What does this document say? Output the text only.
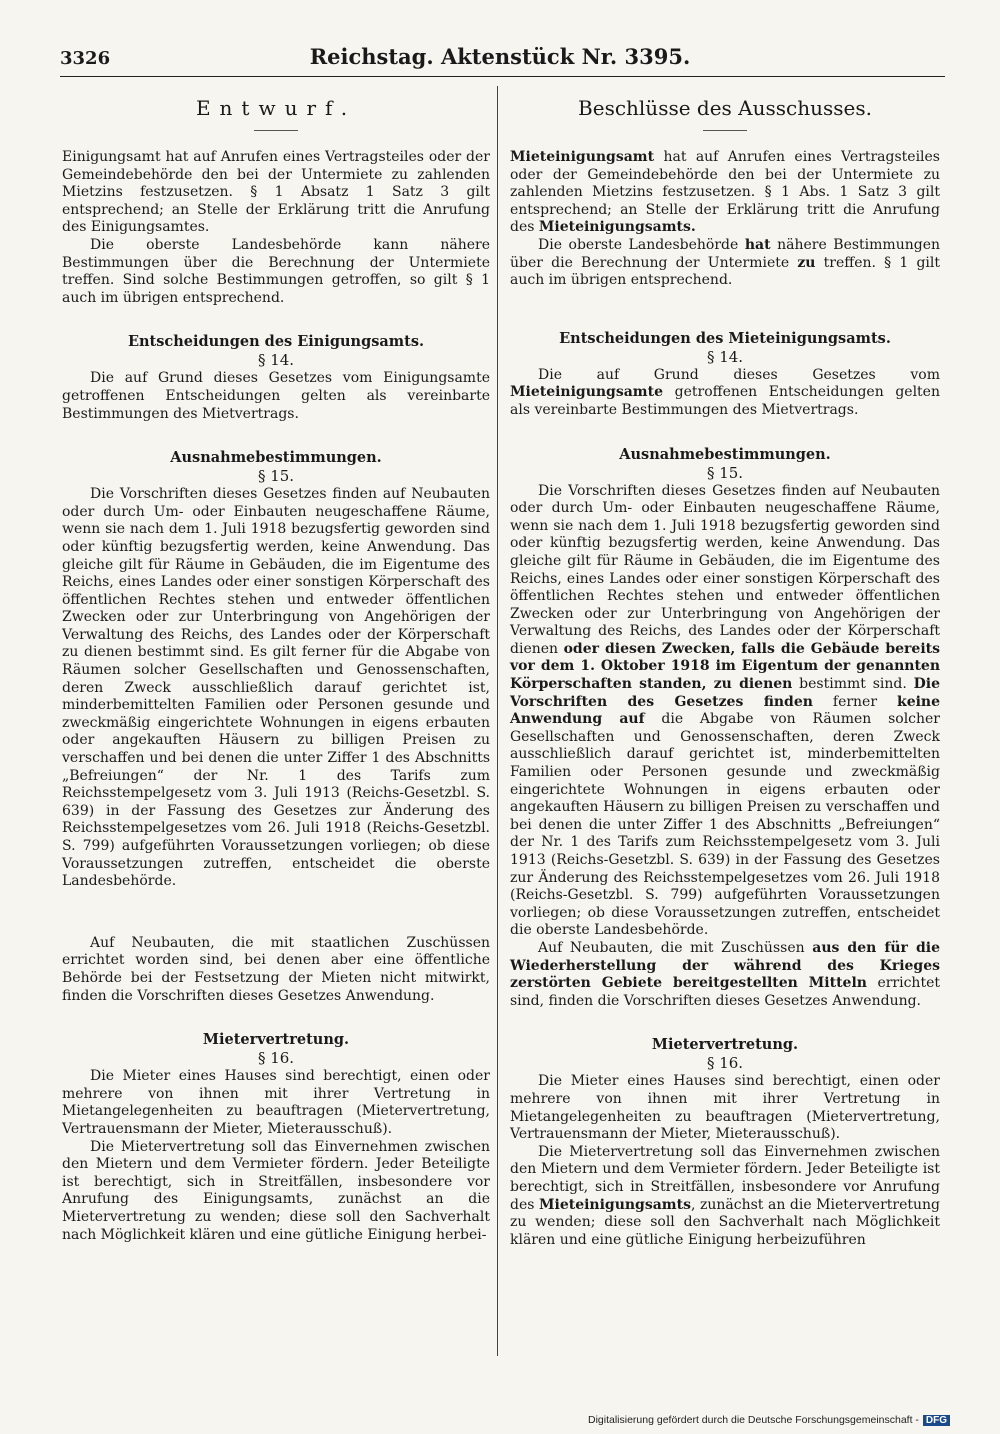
3326	Reichstag. Aktenstück Nr. 3395.
Entwurf.

Einigungsamt hat auf Anrufen eines Vertragsteiles oder der Gemeindebehörde den bei der Untermiete zu zahlenden Mietzins festzusetzen. § 1 Absatz 1 Satz 3 gilt entsprechend; an Stelle der Erklärung tritt die Anrufung des Einigungsamtes.

Die oberste Landesbehörde kann nähere Bestimmungen über die Berechnung der Untermiete treffen. Sind solche Bestimmungen getroffen, so gilt § 1 auch im übrigen entsprechend.

Entscheidungen des Einigungsamts.

§ 14.

Die auf Grund dieses Gesetzes vom Einigungsamte getroffenen Entscheidungen gelten als vereinbarte Bestimmungen des Mietvertrags.

Ausnahmebestimmungen.

§ 15.

Die Vorschriften dieses Gesetzes finden auf Neubauten oder durch Um- oder Einbauten neugeschaffene Räume, wenn sie nach dem 1. Juli 1918 bezugsfertig geworden sind oder künftig bezugsfertig werden, keine Anwendung. Das gleiche gilt für Räume in Gebäuden, die im Eigentume des Reichs, eines Landes oder einer sonstigen Körperschaft des öffentlichen Rechtes stehen und entweder öffentlichen Zwecken oder zur Unterbringung von Angehörigen der Verwaltung des Reichs, des Landes oder der Körperschaft zu dienen bestimmt sind. Es gilt ferner für die Abgabe von Räumen solcher Gesellschaften und Genossenschaften, deren Zweck ausschließlich darauf gerichtet ist, minderbemittelten Familien oder Personen gesunde und zweckmäßig eingerichtete Wohnungen in eigens erbauten oder angekauften Häusern zu billigen Preisen zu verschaffen und bei denen die unter Ziffer 1 des Abschnitts „Befreiungen“ der Nr. 1 des Tarifs zum Reichsstempelgesetz vom 3. Juli 1913 (Reichs-Gesetzbl. S. 639) in der Fassung des Gesetzes zur Änderung des Reichsstempelgesetzes vom 26. Juli 1918 (Reichs-Gesetzbl. S. 799) aufgeführten Voraussetzungen vorliegen; ob diese Voraussetzungen zutreffen, entscheidet die oberste Landesbehörde.

Auf Neubauten, die mit staatlichen Zuschüssen errichtet worden sind, bei denen aber eine öffentliche Behörde bei der Festsetzung der Mieten nicht mitwirkt, finden die Vorschriften dieses Gesetzes Anwendung.

Mietervertretung.

§ 16.

Die Mieter eines Hauses sind berechtigt, einen oder mehrere von ihnen mit ihrer Vertretung in Mietangelegenheiten zu beauftragen (Mietervertretung, Vertrauensmann der Mieter, Mieterausschuß).

Die Mietervertretung soll das Einvernehmen zwischen den Mietern und dem Vermieter fördern. Jeder Beteiligte ist berechtigt, sich in Streitfällen, insbesondere vor Anrufung des Einigungsamts, zunächst an die Mietervertretung zu wenden; diese soll den Sachverhalt nach Möglichkeit klären und eine gütliche Einigung herbei-

Beschlüsse des Ausschusses.

Mieteinigungsamt hat auf Anrufen eines Vertragsteiles oder der Gemeindebehörde den bei der Untermiete zu zahlenden Mietzins festzusetzen. § 1 Abs. 1 Satz 3 gilt entsprechend; an Stelle der Erklärung tritt die Anrufung des Mieteinigungsamts.

Die oberste Landesbehörde hat nähere Bestimmungen über die Berechnung der Untermiete zu treffen. § 1 gilt auch im übrigen entsprechend.

Entscheidungen des Mieteinigungsamts.

§ 14.

Die auf Grund dieses Gesetzes vom Mieteinigungsamte getroffenen Entscheidungen gelten als vereinbarte Bestimmungen des Mietvertrags.

Ausnahmebestimmungen.

§ 15.

Die Vorschriften dieses Gesetzes finden auf Neubauten oder durch Um- oder Einbauten neugeschaffene Räume, wenn sie nach dem 1. Juli 1918 bezugsfertig geworden sind oder künftig bezugsfertig werden, keine Anwendung. Das gleiche gilt für Räume in Gebäuden, die im Eigentume des Reichs, eines Landes oder einer sonstigen Körperschaft des öffentlichen Rechtes stehen und entweder öffentlichen Zwecken oder zur Unterbringung von Angehörigen der Verwaltung des Reichs, des Landes oder der Körperschaft dienen oder diesen Zwecken, falls die Gebäude bereits vor dem 1. Oktober 1918 im Eigentum der genannten Körperschaften standen, zu dienen bestimmt sind. Die Vorschriften des Gesetzes finden ferner keine Anwendung auf die Abgabe von Räumen solcher Gesellschaften und Genossenschaften, deren Zweck ausschließlich darauf gerichtet ist, minderbemittelten Familien oder Personen gesunde und zweckmäßig eingerichtete Wohnungen in eigens erbauten oder angekauften Häusern zu billigen Preisen zu verschaffen und bei denen die unter Ziffer 1 des Abschnitts „Befreiungen“ der Nr. 1 des Tarifs zum Reichsstempelgesetz vom 3. Juli 1913 (Reichs-Gesetzbl. S. 639) in der Fassung des Gesetzes zur Änderung des Reichsstempelgesetzes vom 26. Juli 1918 (Reichs-Gesetzbl. S. 799) aufgeführten Voraussetzungen vorliegen; ob diese Voraussetzungen zutreffen, entscheidet die oberste Landesbehörde.

Auf Neubauten, die mit Zuschüssen aus den für die Wiederherstellung der während des Krieges zerstörten Gebiete bereitgestellten Mitteln errichtet sind, finden die Vorschriften dieses Gesetzes Anwendung.

Mietervertretung.

§ 16.

Die Mieter eines Hauses sind berechtigt, einen oder mehrere von ihnen mit ihrer Vertretung in Mietangelegenheiten zu beauftragen (Mietervertretung, Vertrauensmann der Mieter, Mieterausschuß).

Die Mietervertretung soll das Einvernehmen zwischen den Mietern und dem Vermieter fördern. Jeder Beteiligte ist berechtigt, sich in Streitfällen, insbesondere vor Anrufung des Mieteinigungsamts, zunächst an die Mietervertretung zu wenden; diese soll den Sachverhalt nach Möglichkeit klären und eine gütliche Einigung herbeizuführen

Digitalisierung gefördert durch die Deutsche Forschungsgemeinschaft - DFG
